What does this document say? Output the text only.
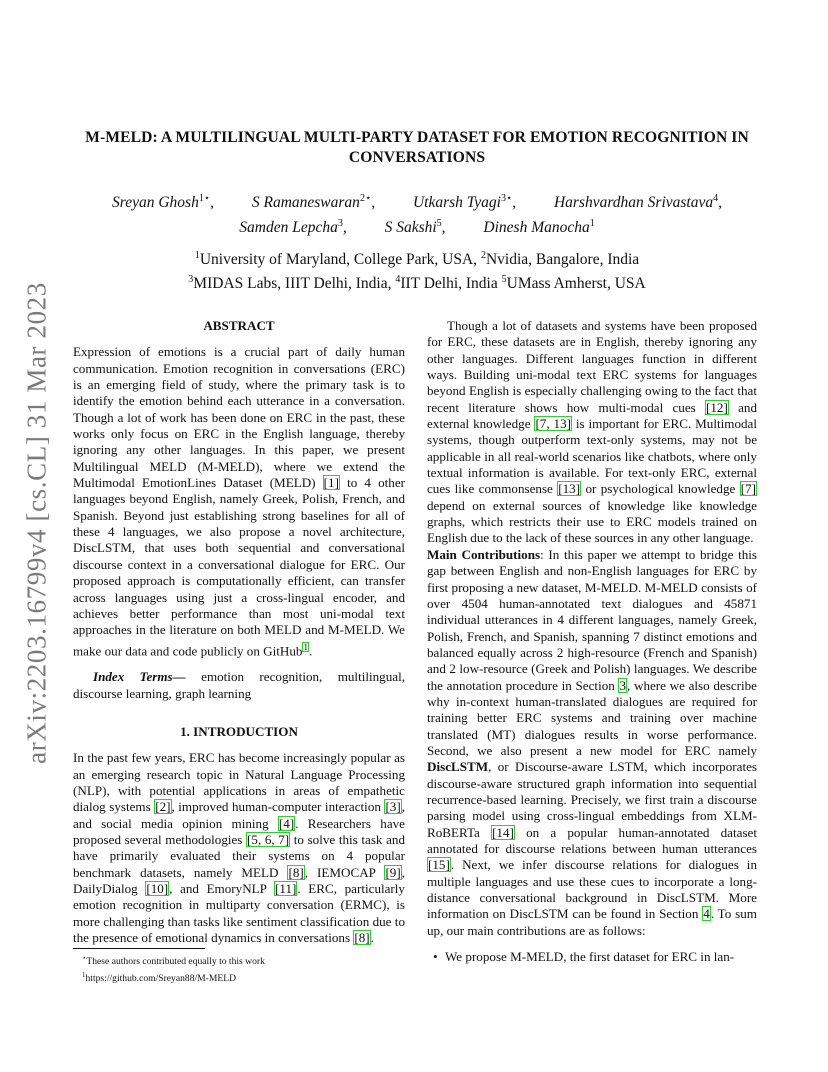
arXiv:2203.16799v4 [cs.CL] 31 Mar 2023
M-MELD: A MULTILINGUAL MULTI-PARTY DATASET FOR EMOTION RECOGNITION IN CONVERSATIONS
Sreyan Ghosh$^{1⋆}$, S Ramaneswaran$^{2⋆}$, Utkarsh Tyagi$^{3⋆}$, Harshvardhan Srivastava$^4$,
Samden Lepcha$^3$, S Sakshi$^5$, Dinesh Manocha$^1$
$^1$University of Maryland, College Park, USA, $^2$Nvidia, Bangalore, India
$^3$MIDAS Labs, IIIT Delhi, India, $^4$IIT Delhi, India $^5$UMass Amherst, USA
ABSTRACT

Expression of emotions is a crucial part of daily human communication. Emotion recognition in conversations (ERC) is an emerging field of study, where the primary task is to identify the emotion behind each utterance in a conversation. Though a lot of work has been done on ERC in the past, these works only focus on ERC in the English language, thereby ignoring any other languages. In this paper, we present Multilingual MELD (M-MELD), where we extend the Multimodal EmotionLines Dataset (MELD) [1] to 4 other languages beyond English, namely Greek, Polish, French, and Spanish. Beyond just establishing strong baselines for all of these 4 languages, we also propose a novel architecture, DiscLSTM, that uses both sequential and conversational discourse context in a conversational dialogue for ERC. Our proposed approach is computationally efficient, can transfer across languages using just a cross-lingual encoder, and achieves better performance than most uni-modal text approaches in the literature on both MELD and M-MELD. We make our data and code publicly on GitHub$^1$.

Index Terms— emotion recognition, multilingual, discourse learning, graph learning

1. INTRODUCTION

In the past few years, ERC has become increasingly popular as an emerging research topic in Natural Language Processing (NLP), with potential applications in areas of empathetic dialog systems [2], improved human-computer interaction [3], and social media opinion mining [4]. Researchers have proposed several methodologies [5, 6, 7] to solve this task and have primarily evaluated their systems on 4 popular benchmark datasets, namely MELD [8], IEMOCAP [9], DailyDialog [10], and EmoryNLP [11]. ERC, particularly emotion recognition in multiparty conversation (ERMC), is more challenging than tasks like sentiment classification due to the presence of emotional dynamics in conversations [8].

⋆These authors contributed equally to this work
$^1$https://github.com/Sreyan88/M-MELD

Though a lot of datasets and systems have been proposed for ERC, these datasets are in English, thereby ignoring any other languages. Different languages function in different ways. Building uni-modal text ERC systems for languages beyond English is especially challenging owing to the fact that recent literature shows how multi-modal cues [12] and external knowledge [7, 13] is important for ERC. Multimodal systems, though outperform text-only systems, may not be applicable in all real-world scenarios like chatbots, where only textual information is available. For text-only ERC, external cues like commonsense [13] or psychological knowledge [7] depend on external sources of knowledge like knowledge graphs, which restricts their use to ERC models trained on English due to the lack of these sources in any other language.

Main Contributions: In this paper we attempt to bridge this gap between English and non-English languages for ERC by first proposing a new dataset, M-MELD. M-MELD consists of over 4504 human-annotated text dialogues and 45871 individual utterances in 4 different languages, namely Greek, Polish, French, and Spanish, spanning 7 distinct emotions and balanced equally across 2 high-resource (French and Spanish) and 2 low-resource (Greek and Polish) languages. We describe the annotation procedure in Section 3, where we also describe why in-context human-translated dialogues are required for training better ERC systems and training over machine translated (MT) dialogues results in worse performance. Second, we also present a new model for ERC namely DiscLSTM, or Discourse-aware LSTM, which incorporates discourse-aware structured graph information into sequential recurrence-based learning. Precisely, we first train a discourse parsing model using cross-lingual embeddings from XLM-RoBERTa [14] on a popular human-annotated dataset annotated for discourse relations between human utterances [15]. Next, we infer discourse relations for dialogues in multiple languages and use these cues to incorporate a long-distance conversational background in DiscLSTM. More information on DiscLSTM can be found in Section 4. To sum up, our main contributions are as follows:

• We propose M-MELD, the first dataset for ERC in lan-
